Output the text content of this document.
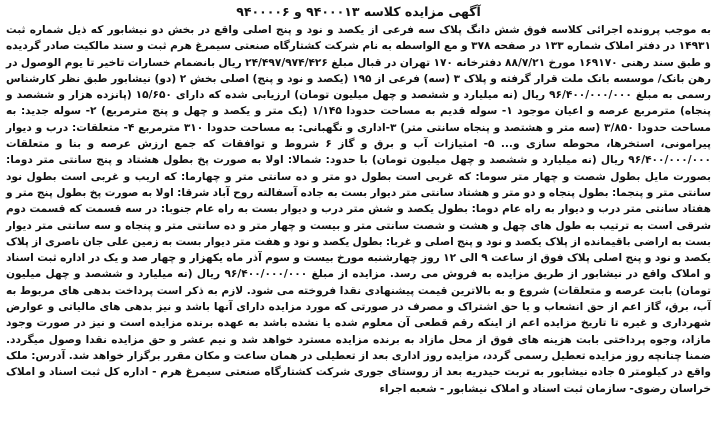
آگهی مزایده کلاسه ۹۴۰۰۰۱۳ و ۹۴۰۰۰۰۶

به موجب پرونده اجرائی کلاسه فوق شش دانگ پلاک سه فرعی از یکصد و نود و پنج اصلی واقع در بخش دو نیشابور که ذیل شماره ثبت ۱۴۹۳۱ در دفتر املاک شماره ۱۳۳ در صفحه ۳۷۸ و مع الواسطه به نام شرکت کشتارگاه صنعتی سیمرغ هرم ثبت و سند مالکیت صادر گردیده و طبق سند رهنی ۱۶۹۱۷۰ مورخ ۸۸/۷/۲۱ دفترخانه ۱۷۰ تهران در قبال مبلغ ۲۴/۴۹۷/۹۷۴/۴۲۶ ریال بانضمام خسارات تاخیر تا یوم الوصول در رهن بانک/ موسسه بانک ملت قرار گرفته و پلاک ۳ (سه) فرعی از ۱۹۵ (یکصد و نود و پنج) اصلی بخش ۲ (دو) نیشابور طبق نظر کارشناس رسمی به مبلغ ۹۶/۴۰۰/۰۰۰/۰۰۰ ریال (نه میلیارد و ششصد و چهل میلیون تومان) ارزیابی شده که دارای ۱۵/۶۵۰ (پانزده هزار و ششصد و پنجاه) مترمربع عرصه و اعیان موجود ۱- سوله قدیم به مساحت حدودا ۱/۱۴۵ (یک متر و یکصد و چهل و پنج مترمربع) ۲- سوله جدید: به مساحت حدودا ۳/۸۵۰ (سه متر و هشتصد و پنجاه سانتی متر) ۳-اداری و نگهبانی: به مساحت حدودا ۳۱۰ مترمربع ۴- متعلقات: درب و دیوار پیرامونی، استخرها، محوطه سازی و... ۵- امتیازات آب و برق و گاز ۶ شروط و توافقات که جمع ارزش عرصه و بنا و متعلقات ۹۶/۴۰۰/۰۰۰/۰۰۰ ریال (نه میلیارد و ششصد و چهل میلیون تومان) با حدود: شمالا: اولا به صورت پخ بطول هشتاد و پنج سانتی متر دوما: بصورت مایل بطول شصت و چهار متر سوما: که غربی است بطول دو متر و ده سانتی متر و چهارما: که اریب و غربی است بطول نود سانتی متر و پنجما: بطول پنجاه و دو متر و هشتاد سانتی متر دیوار بست به جاده آسفالته روح آباد شرقا: اولا به صورت پخ بطول پنج متر و هفتاد سانتی متر درب و دیوار به راه عام دوما: بطول یکصد و شش متر درب و دیوار بست به راه عام جنوبا: در سه قسمت که قسمت دوم شرقی است به ترتیب به طول های چهل و هشت و شصت سانتی متر و بیست و چهار متر و ده سانتی متر و پنجاه و سه سانتی متر دیوار بست به اراضی باقیمانده از پلاک یکصد و نود و پنج اصلی و غربا: بطول یکصد و نود و هفت متر دیوار بست به زمین علی جان ناصری از پلاک یکصد و نود و پنج اصلی پلاک فوق از ساعت ۹ الی ۱۲ روز چهارشنبه مورخ بیست و سوم آذر ماه یکهزار و چهار صد و یک در اداره ثبت اسناد و املاک واقع در نیشابور از طریق مزایده به فروش می رسد. مزایده از مبلغ ۹۶/۴۰۰/۰۰۰/۰۰۰ ریال (نه میلیارد و ششصد و چهل میلیون تومان) بابت عرصه و متعلقات) شروع و به بالاترین قیمت پیشنهادی نقدا فروخته می شود. لازم به ذکر است پرداخت بدهی های مربوط به آب، برق، گاز اعم از حق انشعاب و یا حق اشتراک و مصرف در صورتی که مورد مزایده دارای آنها باشد و نیز بدهی های مالیاتی و عوارض شهرداری و غیره تا تاریخ مزایده اعم از اینکه رقم قطعی آن معلوم شده یا نشده باشد به عهده برنده مزایده است و نیز در صورت وجود مازاد، وجوه پرداختی بابت هزینه های فوق از محل مازاد به برنده مزایده مسترد خواهد شد و نیم عشر و حق مزایده نقدا وصول میگردد. ضمنا چنانچه روز مزایده تعطیل رسمی گردد، مزایده روز اداری بعد از تعطیلی در همان ساعت و مکان مقرر برگزار خواهد شد. آدرس: ملک واقع در کیلومتر ۵ جاده نیشابور به تربت حیدریه بعد از روستای جوری شرکت کشتارگاه صنعتی سیمرغ هرم - اداره کل ثبت اسناد و املاک خراسان رضوی- سازمان ثبت اسناد و املاک نیشابور - شعبه اجراء
